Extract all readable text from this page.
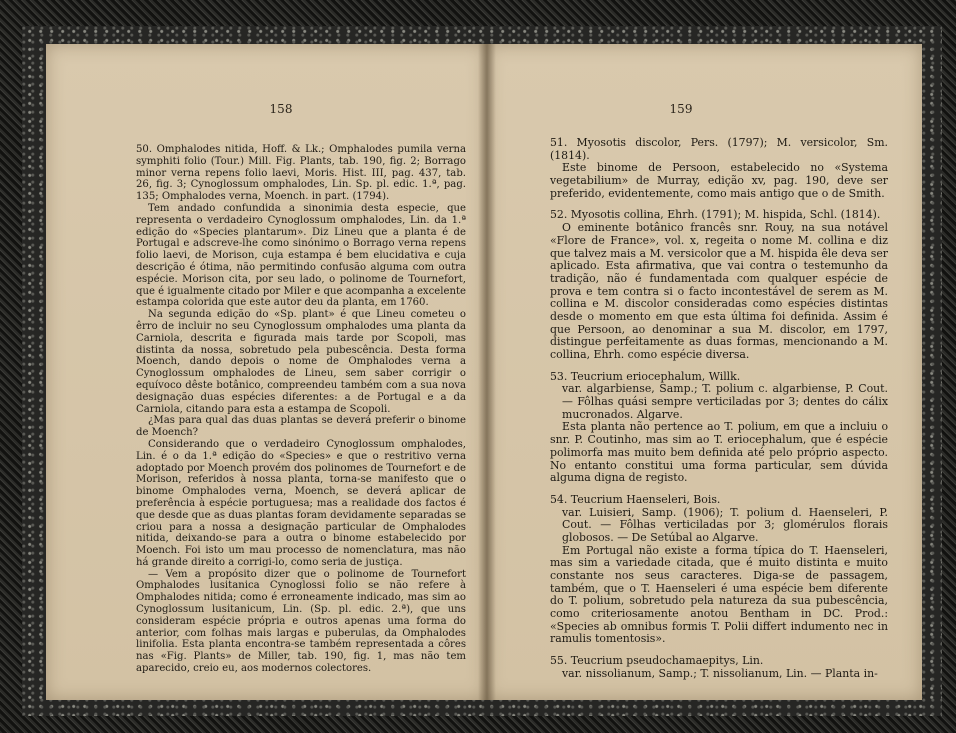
158

50. Omphalodes nitida, Hoff. & Lk.; Omphalodes pumila verna symphiti folio (Tour.) Mill. Fig. Plants, tab. 190, fig. 2; Borrago minor verna repens folio laevi, Moris. Hist. III, pag. 437, tab. 26, fig. 3; Cynoglossum omphalodes, Lin. Sp. pl. edic. 1.ª, pag. 135; Omphalodes verna, Moench. in part. (1794).

Tem andado confundida a sinonimia desta especie, que representa o verdadeiro Cynoglossum omphalodes, Lin. da 1.ª edição do «Species plantarum». Diz Lineu que a planta é de Portugal e adscreve-lhe como sinónimo o Borrago verna repens folio laevi, de Morison, cuja estampa é bem elucidativa e cuja descrição é ótima, não permitindo confusão alguma com outra espécie. Morison cita, por seu lado, o polinome de Tournefort, que é igualmente citado por Miler e que acompanha a excelente estampa colorida que este autor deu da planta, em 1760.

Na segunda edição do «Sp. plant» é que Lineu cometeu o êrro de incluir no seu Cynoglossum omphalodes uma planta da Carniola, descrita e figurada mais tarde por Scopoli, mas distinta da nossa, sobretudo pela pubescência. Desta forma Moench, dando depois o nome de Omphalodes verna a Cynoglossum omphalodes de Lineu, sem saber corrigir o equívoco dêste botânico, compreendeu também com a sua nova designação duas espécies diferentes: a de Portugal e a da Carniola, citando para esta a estampa de Scopoli.

¿Mas para qual das duas plantas se deverá preferir o binome de Moench?

Considerando que o verdadeiro Cynoglossum omphalodes, Lin. é o da 1.ª edição do «Species» e que o restritivo verna adoptado por Moench provém dos polinomes de Tournefort e de Morison, referidos à nossa planta, torna-se manifesto que o binome Omphalodes verna, Moench, se deverá aplicar de preferência à espécie portuguesa; mas a realidade dos factos é que desde que as duas plantas foram devidamente separadas se criou para a nossa a designação particular de Omphalodes nitida, deixando-se para a outra o binome estabelecido por Moench. Foi isto um mau processo de nomenclatura, mas não há grande direito a corrigi-lo, como seria de justiça.

— Vem a propósito dizer que o polinome de Tournefort Omphalodes lusitanica Cynoglossi folio se não refere à Omphalodes nitida; como é erroneamente indicado, mas sim ao Cynoglossum lusitanicum, Lin. (Sp. pl. edic. 2.ª), que uns consideram espécie própria e outros apenas uma forma do anterior, com folhas mais largas e puberulas, da Omphalodes linifolia. Esta planta encontra-se também representada a côres nas «Fig. Plants» de Miller, tab. 190, fig. 1, mas não tem aparecido, creio eu, aos modernos colectores.

159

51. Myosotis discolor, Pers. (1797); M. versicolor, Sm. (1814).

Este binome de Persoon, estabelecido no «Systema vegetabilium» de Murray, edição xv, pag. 190, deve ser preferido, evidentemente, como mais antigo que o de Smith.

52. Myosotis collina, Ehrh. (1791); M. hispida, Schl. (1814).

O eminente botânico francês snr. Rouy, na sua notável «Flore de France», vol. x, regeita o nome M. collina e diz que talvez mais a M. versicolor que a M. hispida êle deva ser aplicado. Esta afirmativa, que vai contra o testemunho da tradição, não é fundamentada com qualquer espécie de prova e tem contra si o facto incontestável de serem as M. collina e M. discolor consideradas como espécies distintas desde o momento em que esta última foi definida. Assim é que Persoon, ao denominar a sua M. discolor, em 1797, distingue perfeitamente as duas formas, mencionando a M. collina, Ehrh. como espécie diversa.

53. Teucrium eriocephalum, Willk.

var. algarbiense, Samp.; T. polium c. algarbiense, P. Cout. — Fôlhas quási sempre verticiladas por 3; dentes do cálix mucronados. Algarve.

Esta planta não pertence ao T. polium, em que a incluiu o snr. P. Coutinho, mas sim ao T. eriocephalum, que é espécie polimorfa mas muito bem definida até pelo próprio aspecto. No entanto constitui uma forma particular, sem dúvida alguma digna de registo.

54. Teucrium Haenseleri, Bois.

var. Luisieri, Samp. (1906); T. polium d. Haenseleri, P. Cout. — Fôlhas verticiladas por 3; glomérulos florais globosos. — De Setúbal ao Algarve.

Em Portugal não existe a forma típica do T. Haenseleri, mas sim a variedade citada, que é muito distinta e muito constante nos seus caracteres. Diga-se de passagem, também, que o T. Haenseleri é uma espécie bem diferente do T. polium, sobretudo pela natureza da sua pubescência, como criteriosamente anotou Bentham in DC. Prod.: «Species ab omnibus formis T. Polii differt indumento nec in ramulis tomentosis».

55. Teucrium pseudochamaepitys, Lin.

var. nissolianum, Samp.; T. nissolianum, Lin. — Planta in-
